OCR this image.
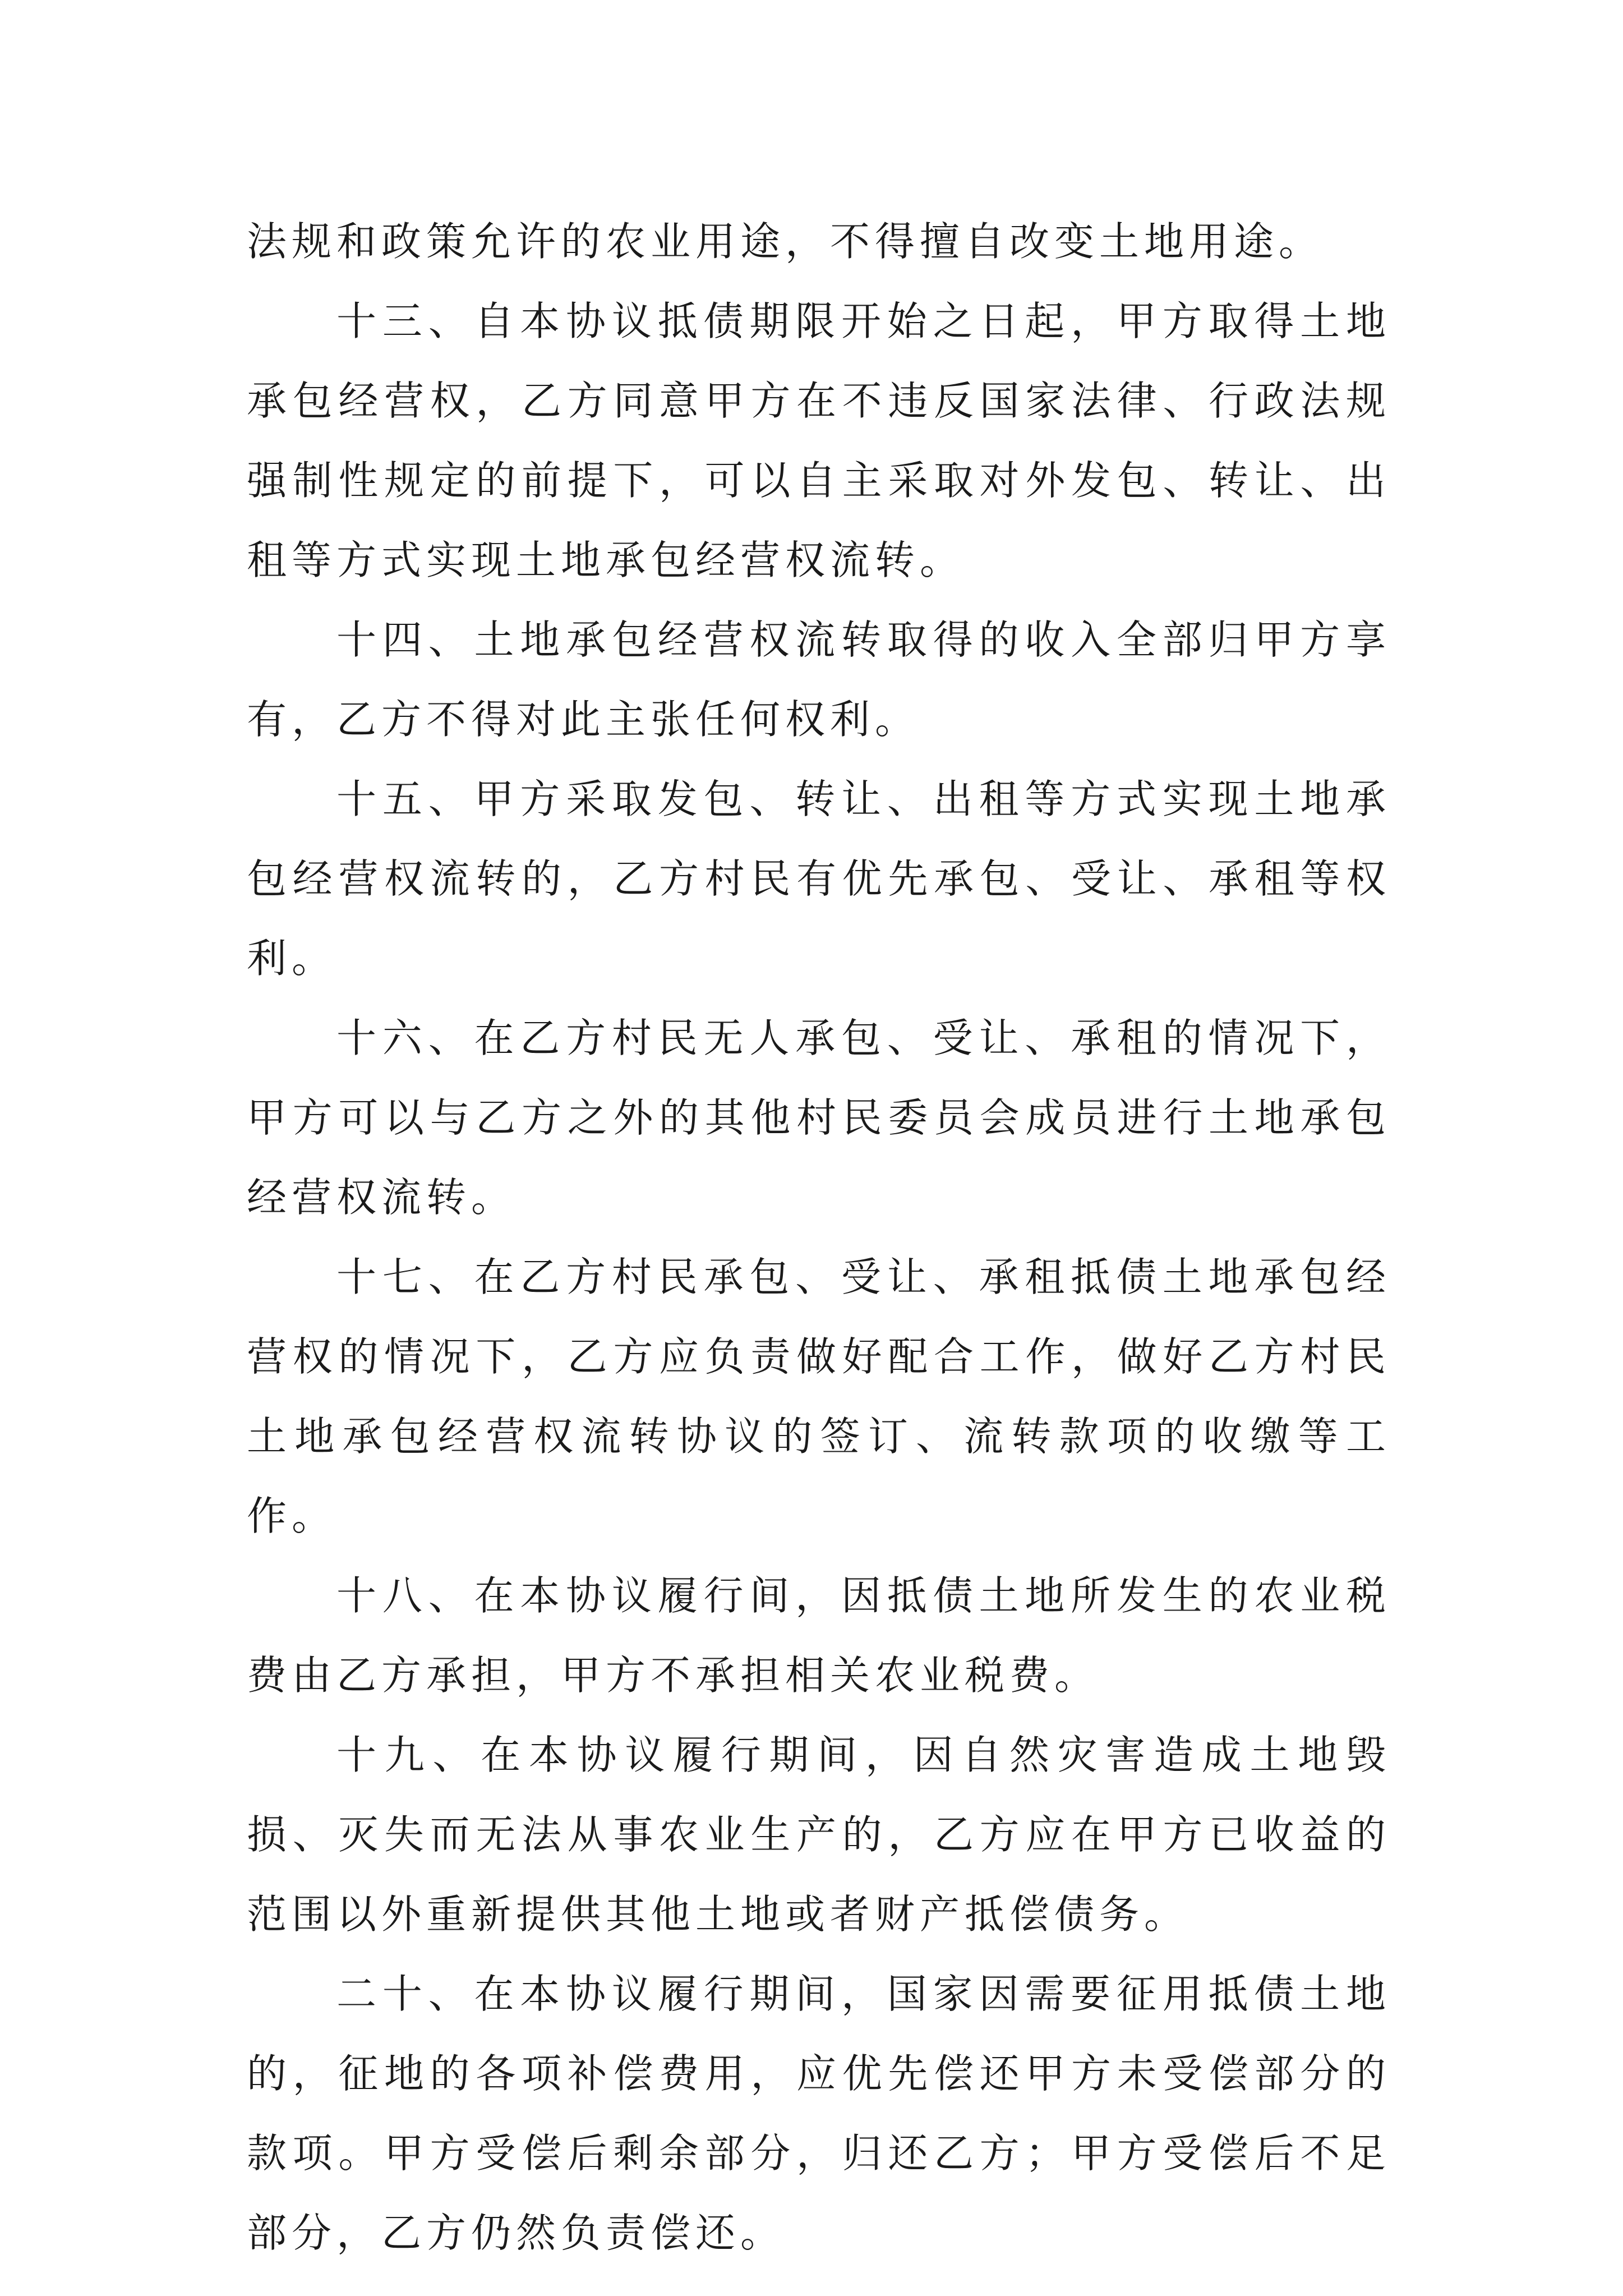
法规和政策允许的农业用途，不得擅自改变土地用途。

十三、自本协议抵债期限开始之日起，甲方取得土地承包经营权，乙方同意甲方在不违反国家法律、行政法规强制性规定的前提下，可以自主采取对外发包、转让、出租等方式实现土地承包经营权流转。

十四、土地承包经营权流转取得的收入全部归甲方享有，乙方不得对此主张任何权利。

十五、甲方采取发包、转让、出租等方式实现土地承包经营权流转的，乙方村民有优先承包、受让、承租等权利。

十六、在乙方村民无人承包、受让、承租的情况下，甲方可以与乙方之外的其他村民委员会成员进行土地承包经营权流转。

十七、在乙方村民承包、受让、承租抵债土地承包经营权的情况下，乙方应负责做好配合工作，做好乙方村民土地承包经营权流转协议的签订、流转款项的收缴等工作。

十八、在本协议履行间，因抵债土地所发生的农业税费由乙方承担，甲方不承担相关农业税费。

十九、在本协议履行期间，因自然灾害造成土地毁损、灭失而无法从事农业生产的，乙方应在甲方已收益的范围以外重新提供其他土地或者财产抵偿债务。

二十、在本协议履行期间，国家因需要征用抵债土地的，征地的各项补偿费用，应优先偿还甲方未受偿部分的款项。甲方受偿后剩余部分，归还乙方；甲方受偿后不足部分，乙方仍然负责偿还。
